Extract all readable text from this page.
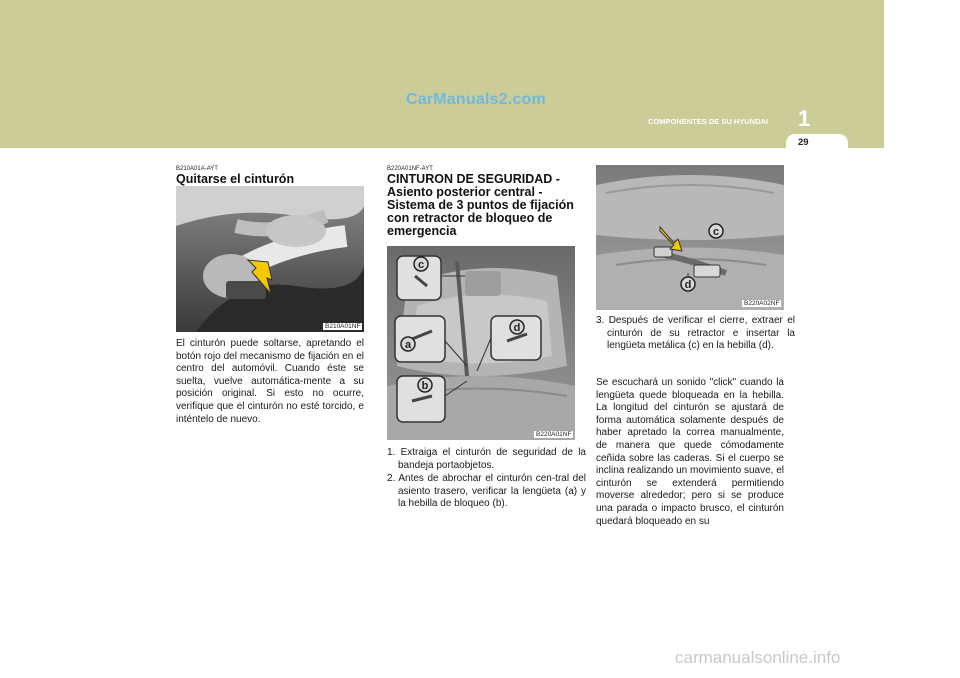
CarManuals2.com
COMPONENTES DE SU HYUNDAI 1
29
B210A01A-AYT
Quitarse el cinturón
B210A01NF

El cinturón puede soltarse, apretando el botón rojo del mecanismo de fijación en el centro del automóvil. Cuando éste se suelta, vuelve automática-mente a su posición original. Si esto no ocurre, verifique que el cinturón no esté torcido, e inténtelo de nuevo.

B220A01NF-AYT
CINTURON DE SEGURIDAD -
Asiento posterior central -
Sistema de 3 puntos de fijación
con retractor de bloqueo de
emergencia
c
a
d
b
B220A01NF

1. Extraiga el cinturón de seguridad de la bandeja portaobjetos.

2. Antes de abrochar el cinturón cen-tral del asiento trasero, verificar la lengüeta (a) y la hebilla de bloqueo (b).

c
d
B220A02NF

3. Después de verificar el cierre, extraer el cinturón de su retractor e insertar la lengüeta metálica (c) en la hebilla (d).

Se escuchará un sonido "click" cuando la lengüeta quede bloqueada en la hebilla. La longitud del cinturón se ajustará de forma automática solamente después de haber apretado la correa manualmente, de manera que quede cómodamente ceñida sobre las caderas. Si el cuerpo se inclina realizando un movimiento suave, el cinturón se extenderá permitiendo moverse alrededor; pero si se produce una parada o impacto brusco, el cinturón quedará bloqueado en su

carmanualsonline.info
